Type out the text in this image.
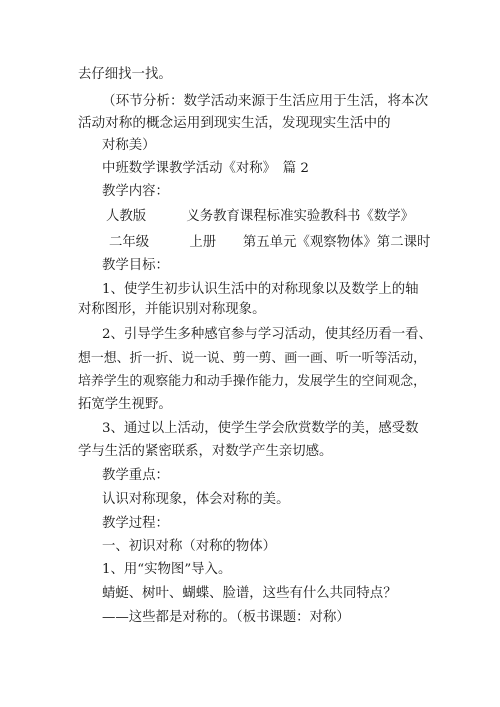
去仔细找一找。
（环节分析：数学活动来源于生活应用于生活，将本次
活动对称的概念运用到现实生活，发现现实生活中的
对称美）
中班数学课教学活动《对称》　篇 2
教学内容：
人教版　　　义务教育课程标准实验教科书《数学》
二年级　　　上册　　第五单元《观察物体》第二课时
教学目标：
1、使学生初步认识生活中的对称现象以及数学上的轴
对称图形，并能识别对称现象。
2、引导学生多种感官参与学习活动，使其经历看一看、
想一想、折一折、说一说、剪一剪、画一画、听一听等活动，
培养学生的观察能力和动手操作能力，发展学生的空间观念，
拓宽学生视野。
3、通过以上活动，使学生学会欣赏数学的美，感受数
学与生活的紧密联系，对数学产生亲切感。
教学重点：
认识对称现象，体会对称的美。
教学过程：
一、初识对称（对称的物体）
1、用“实物图”导入。
蜻蜓、树叶、蝴蝶、脸谱，这些有什么共同特点？
——这些都是对称的。（板书课题：对称）
